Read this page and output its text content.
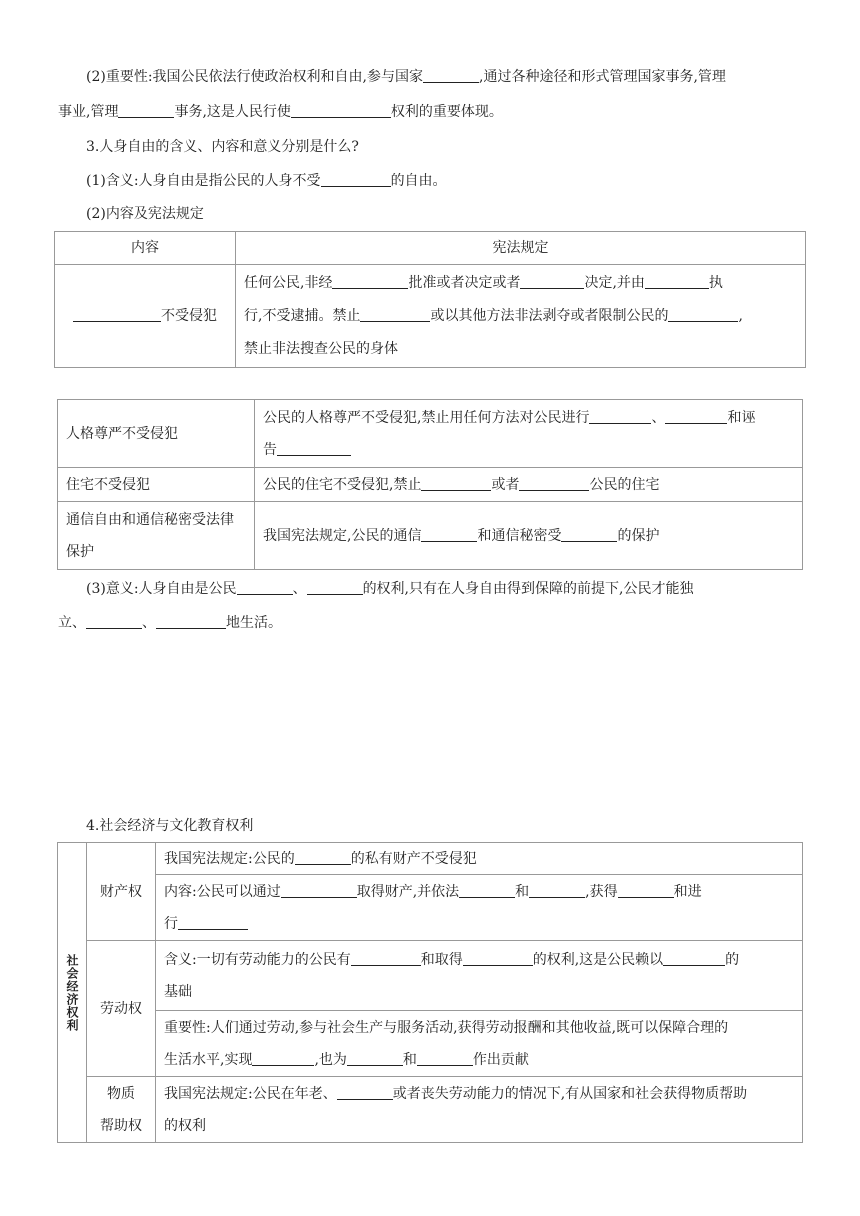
(2)重要性:我国公民依法行使政治权利和自由,参与国家	,通过各种途径和形式管理国家事务,管理
事业,管理	事务,这是人民行使	权利的重要体现。
3.人身自由的含义、内容和意义分别是什么?
(1)含义:人身自由是指公民的人身不受	的自由。
(2)内容及宪法规定
内容	宪法规定
不受侵犯	任何公民,非经 批准或者决定或者 决定,并由 执
行,不受逮捕。禁止 或以其他方法非法剥夺或者限制公民的 ,
禁止非法搜查公民的身体
人格尊严不受侵犯	公民的人格尊严不受侵犯,禁止用任何方法对公民进行 、 和诬
告
住宅不受侵犯	公民的住宅不受侵犯,禁止 或者 公民的住宅
通信自由和通信秘密受法律
保护	我国宪法规定,公民的通信 和通信秘密受 的保护
(3)意义:人身自由是公民	、	的权利,只有在人身自由得到保障的前提下,公民才能独
立、	、	地生活。
4.社会经济与文化教育权利
社会经济权利	财产权	我国宪法规定:公民的 的私有财产不受侵犯
		内容:公民可以通过 取得财产,并依法 和 ,获得 和进
行
	劳动权	含义:一切有劳动能力的公民有 和取得 的权利,这是公民赖以 的
基础
		重要性:人们通过劳动,参与社会生产与服务活动,获得劳动报酬和其他收益,既可以保障合理的
生活水平,实现 ,也为 和 作出贡献
	物质
帮助权	我国宪法规定:公民在年老、 或者丧失劳动能力的情况下,有从国家和社会获得物质帮助
的权利
